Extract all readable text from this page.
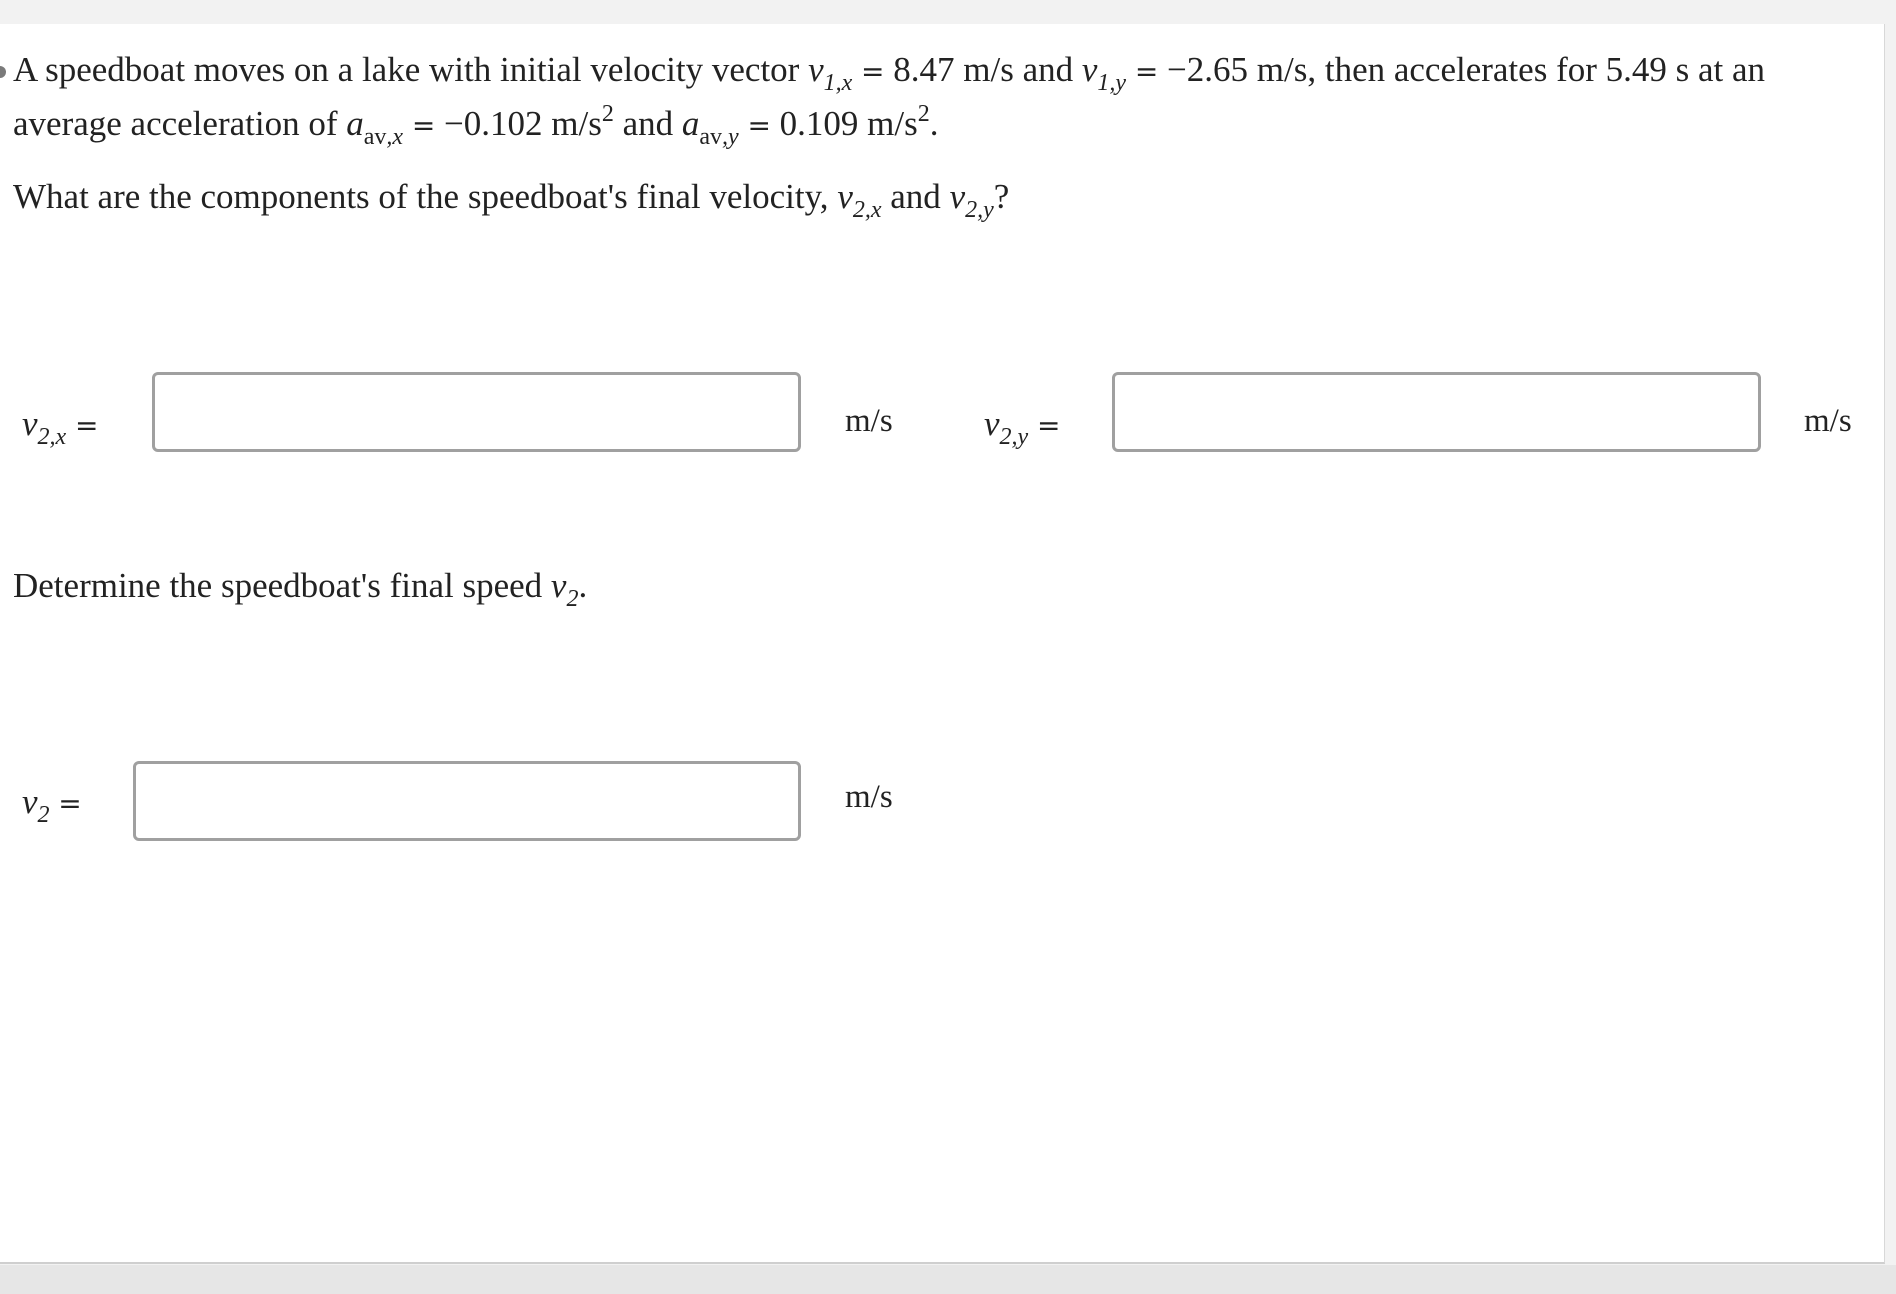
A speedboat moves on a lake with initial velocity vector $v_{1,x} = 8.47$ m/s and $v_{1,y} = -2.65$ m/s, then accelerates for 5.49 s at an
average acceleration of $a_{av,x} = -0.102$ $m/s^2$ and $a_{av,y} = 0.109$ $m/s^2$.
What are the components of the speedboat's final velocity, $v_{2,x}$ and $v_{2,y}$?
$v_{2,x}$ =	m/s	$v_{2,y}$ =	m/s
Determine the speedboat's final speed $v_2$.
$v_2$ =	m/s
